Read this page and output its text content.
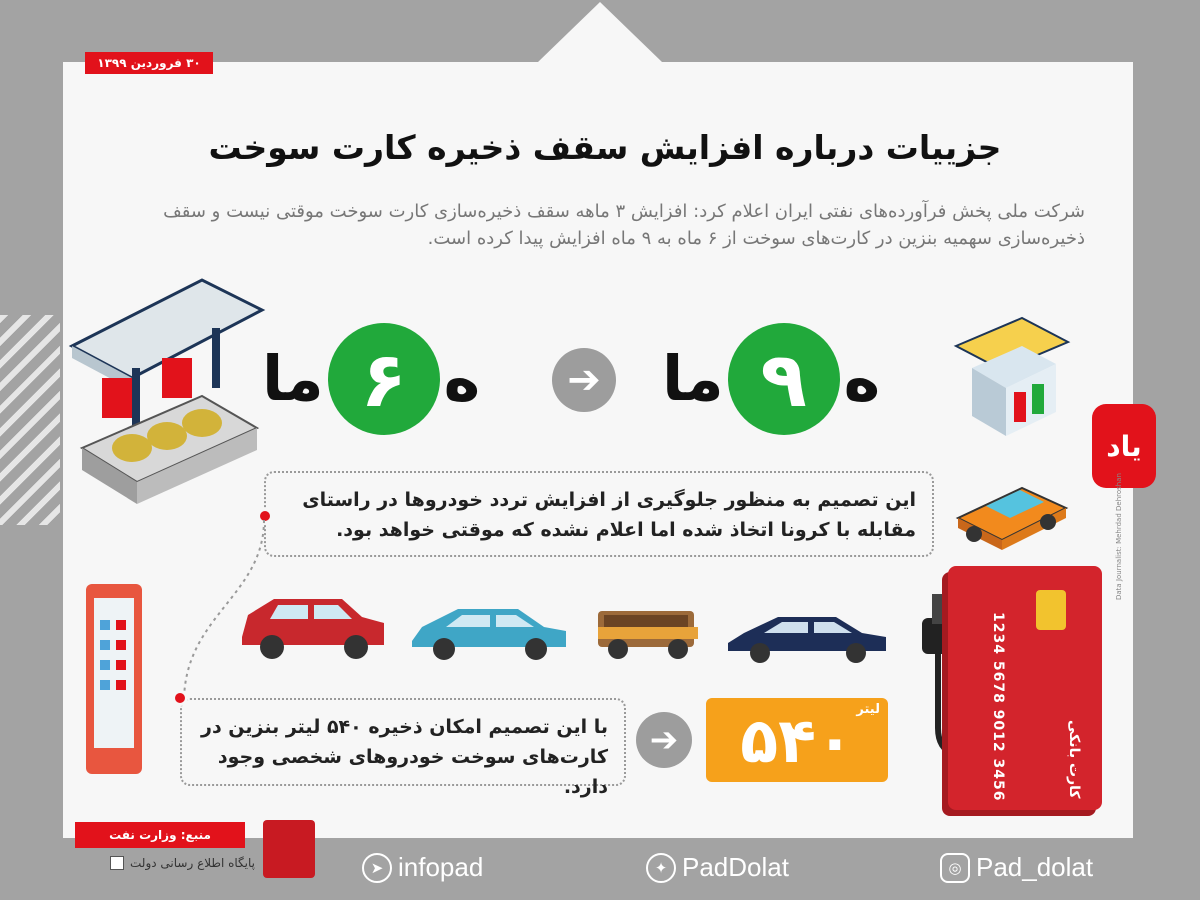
۳۰ فروردین ۱۳۹۹
جزییات درباره افزایش سقف ذخیره کارت سوخت
شرکت ملی پخش فرآورده‌های نفتی ایران اعلام کرد: افزایش ۳ ماهه سقف ذخیره‌سازی کارت سوخت موقتی نیست و سقف ذخیره‌سازی سهمیه بنزین در کارت‌های سوخت از ۶ ماه به ۹ ماه افزایش پیدا کرده است.
ما ۶ ه	➔ ما ۹ ه
یاد
این تصمیم به منظور جلوگیری از افزایش تردد خودروها در راستای مقابله با کرونا اتخاذ شده اما اعلام نشده که موقتی خواهد بود.
با این تصمیم امکان ذخیره ۵۴۰ لیتر بنزین در کارت‌های سوخت خودروهای شخصی وجود دارد.
➔
لیتر
۵۴۰	1234 5678 9012 3456	کارت بانکی
Data Journalist: Mehrdad Dehroshan
منبع: وزارت نفت
پایگاه اطلاع رسانی دولت	➤ infopad	✦ PadDolat	◎ Pad_dolat
